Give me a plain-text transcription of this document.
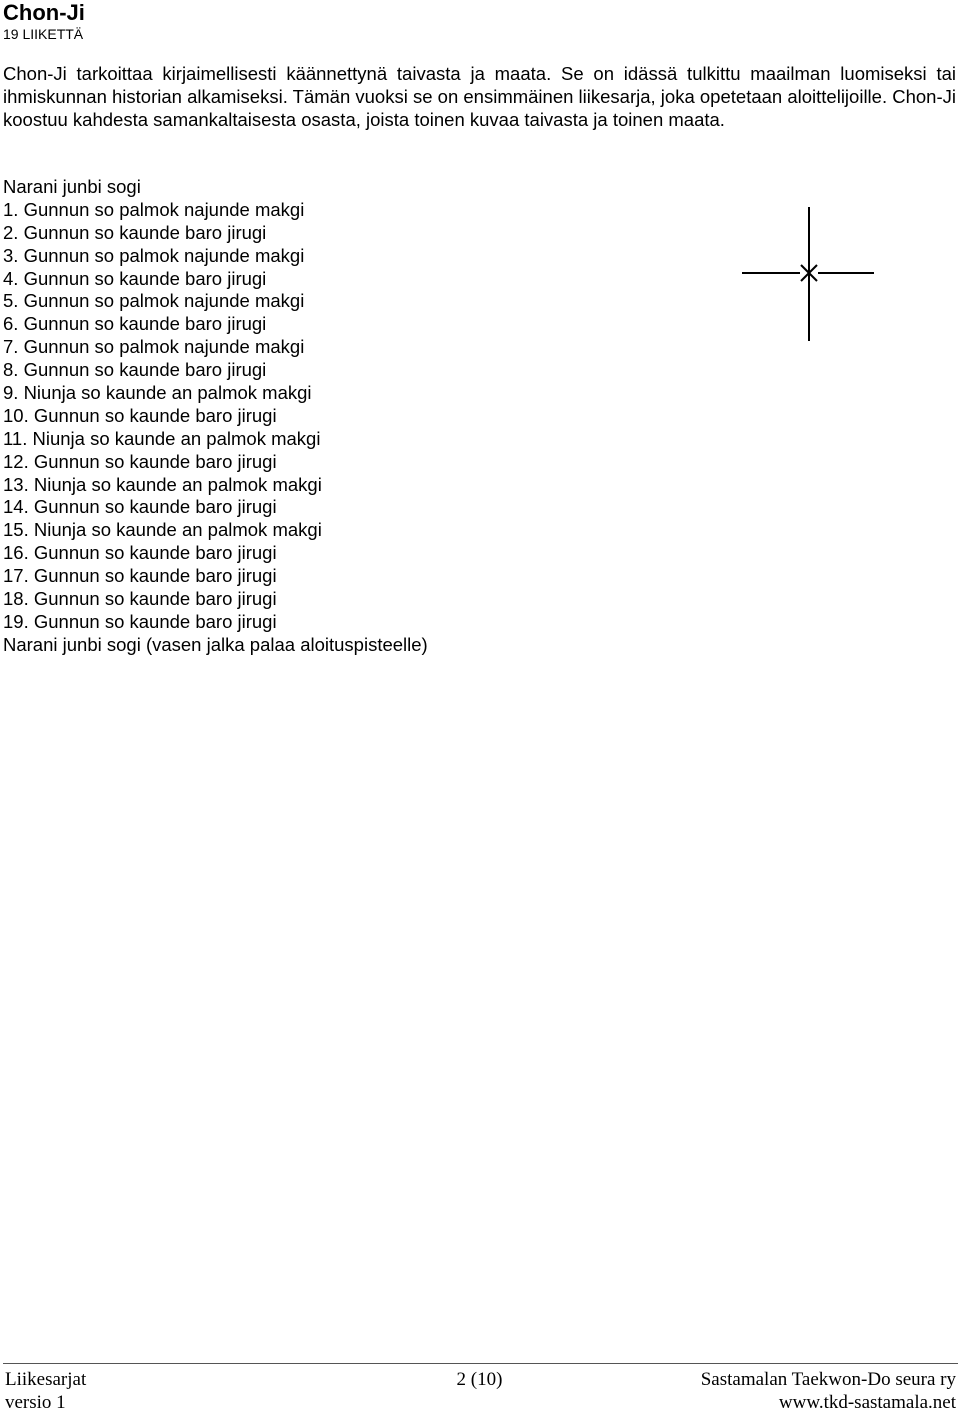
Chon-Ji
19 LIIKETTÄ

Chon-Ji tarkoittaa kirjaimellisesti käännettynä taivasta ja maata. Se on idässä tulkittu maailman luomiseksi tai ihmiskunnan historian alkamiseksi. Tämän vuoksi se on ensimmäinen liikesarja, joka opetetaan aloittelijoille. Chon-Ji koostuu kahdesta samankaltaisesta osasta, joista toinen kuvaa taivasta ja toinen maata.

Narani junbi sogi
1. Gunnun so palmok najunde makgi
2. Gunnun so kaunde baro jirugi
3. Gunnun so palmok najunde makgi
4. Gunnun so kaunde baro jirugi
5. Gunnun so palmok najunde makgi
6. Gunnun so kaunde baro jirugi
7. Gunnun so palmok najunde makgi
8. Gunnun so kaunde baro jirugi
9. Niunja so kaunde an palmok makgi
10. Gunnun so kaunde baro jirugi
11. Niunja so kaunde an palmok makgi
12. Gunnun so kaunde baro jirugi
13. Niunja so kaunde an palmok makgi
14. Gunnun so kaunde baro jirugi
15. Niunja so kaunde an palmok makgi
16. Gunnun so kaunde baro jirugi
17. Gunnun so kaunde baro jirugi
18. Gunnun so kaunde baro jirugi
19. Gunnun so kaunde baro jirugi
Narani junbi sogi (vasen jalka palaa aloituspisteelle)
Liikesarjat	2 (10)	Sastamalan Taekwon-Do seura ry
versio 1	www.tkd-sastamala.net
